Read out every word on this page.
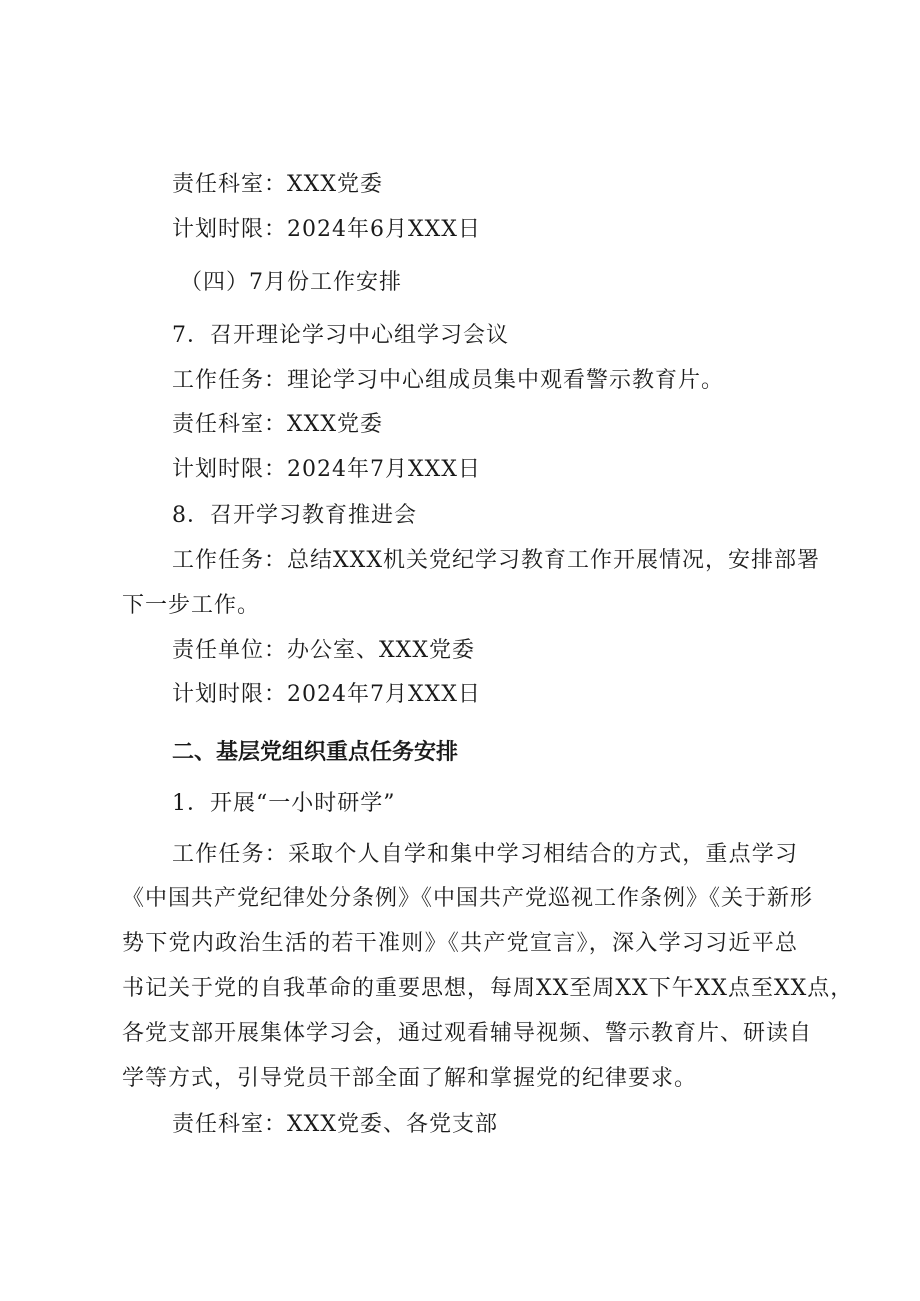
责任科室：XXX党委
计划时限：2024年6月XXX日
（四）7月份工作安排
7．召开理论学习中心组学习会议
工作任务：理论学习中心组成员集中观看警示教育片。
责任科室：XXX党委
计划时限：2024年7月XXX日
8．召开学习教育推进会
工作任务：总结XXX机关党纪学习教育工作开展情况，安排部署
下一步工作。
责任单位：办公室、XXX党委
计划时限：2024年7月XXX日
二、基层党组织重点任务安排
1．开展“一小时研学”
工作任务：采取个人自学和集中学习相结合的方式，重点学习
《中国共产党纪律处分条例》《中国共产党巡视工作条例》《关于新形
势下党内政治生活的若干准则》《共产党宣言》，深入学习习近平总
书记关于党的自我革命的重要思想，每周XX至周XX下午XX点至XX点，
各党支部开展集体学习会，通过观看辅导视频、警示教育片、研读自
学等方式，引导党员干部全面了解和掌握党的纪律要求。
责任科室：XXX党委、各党支部
